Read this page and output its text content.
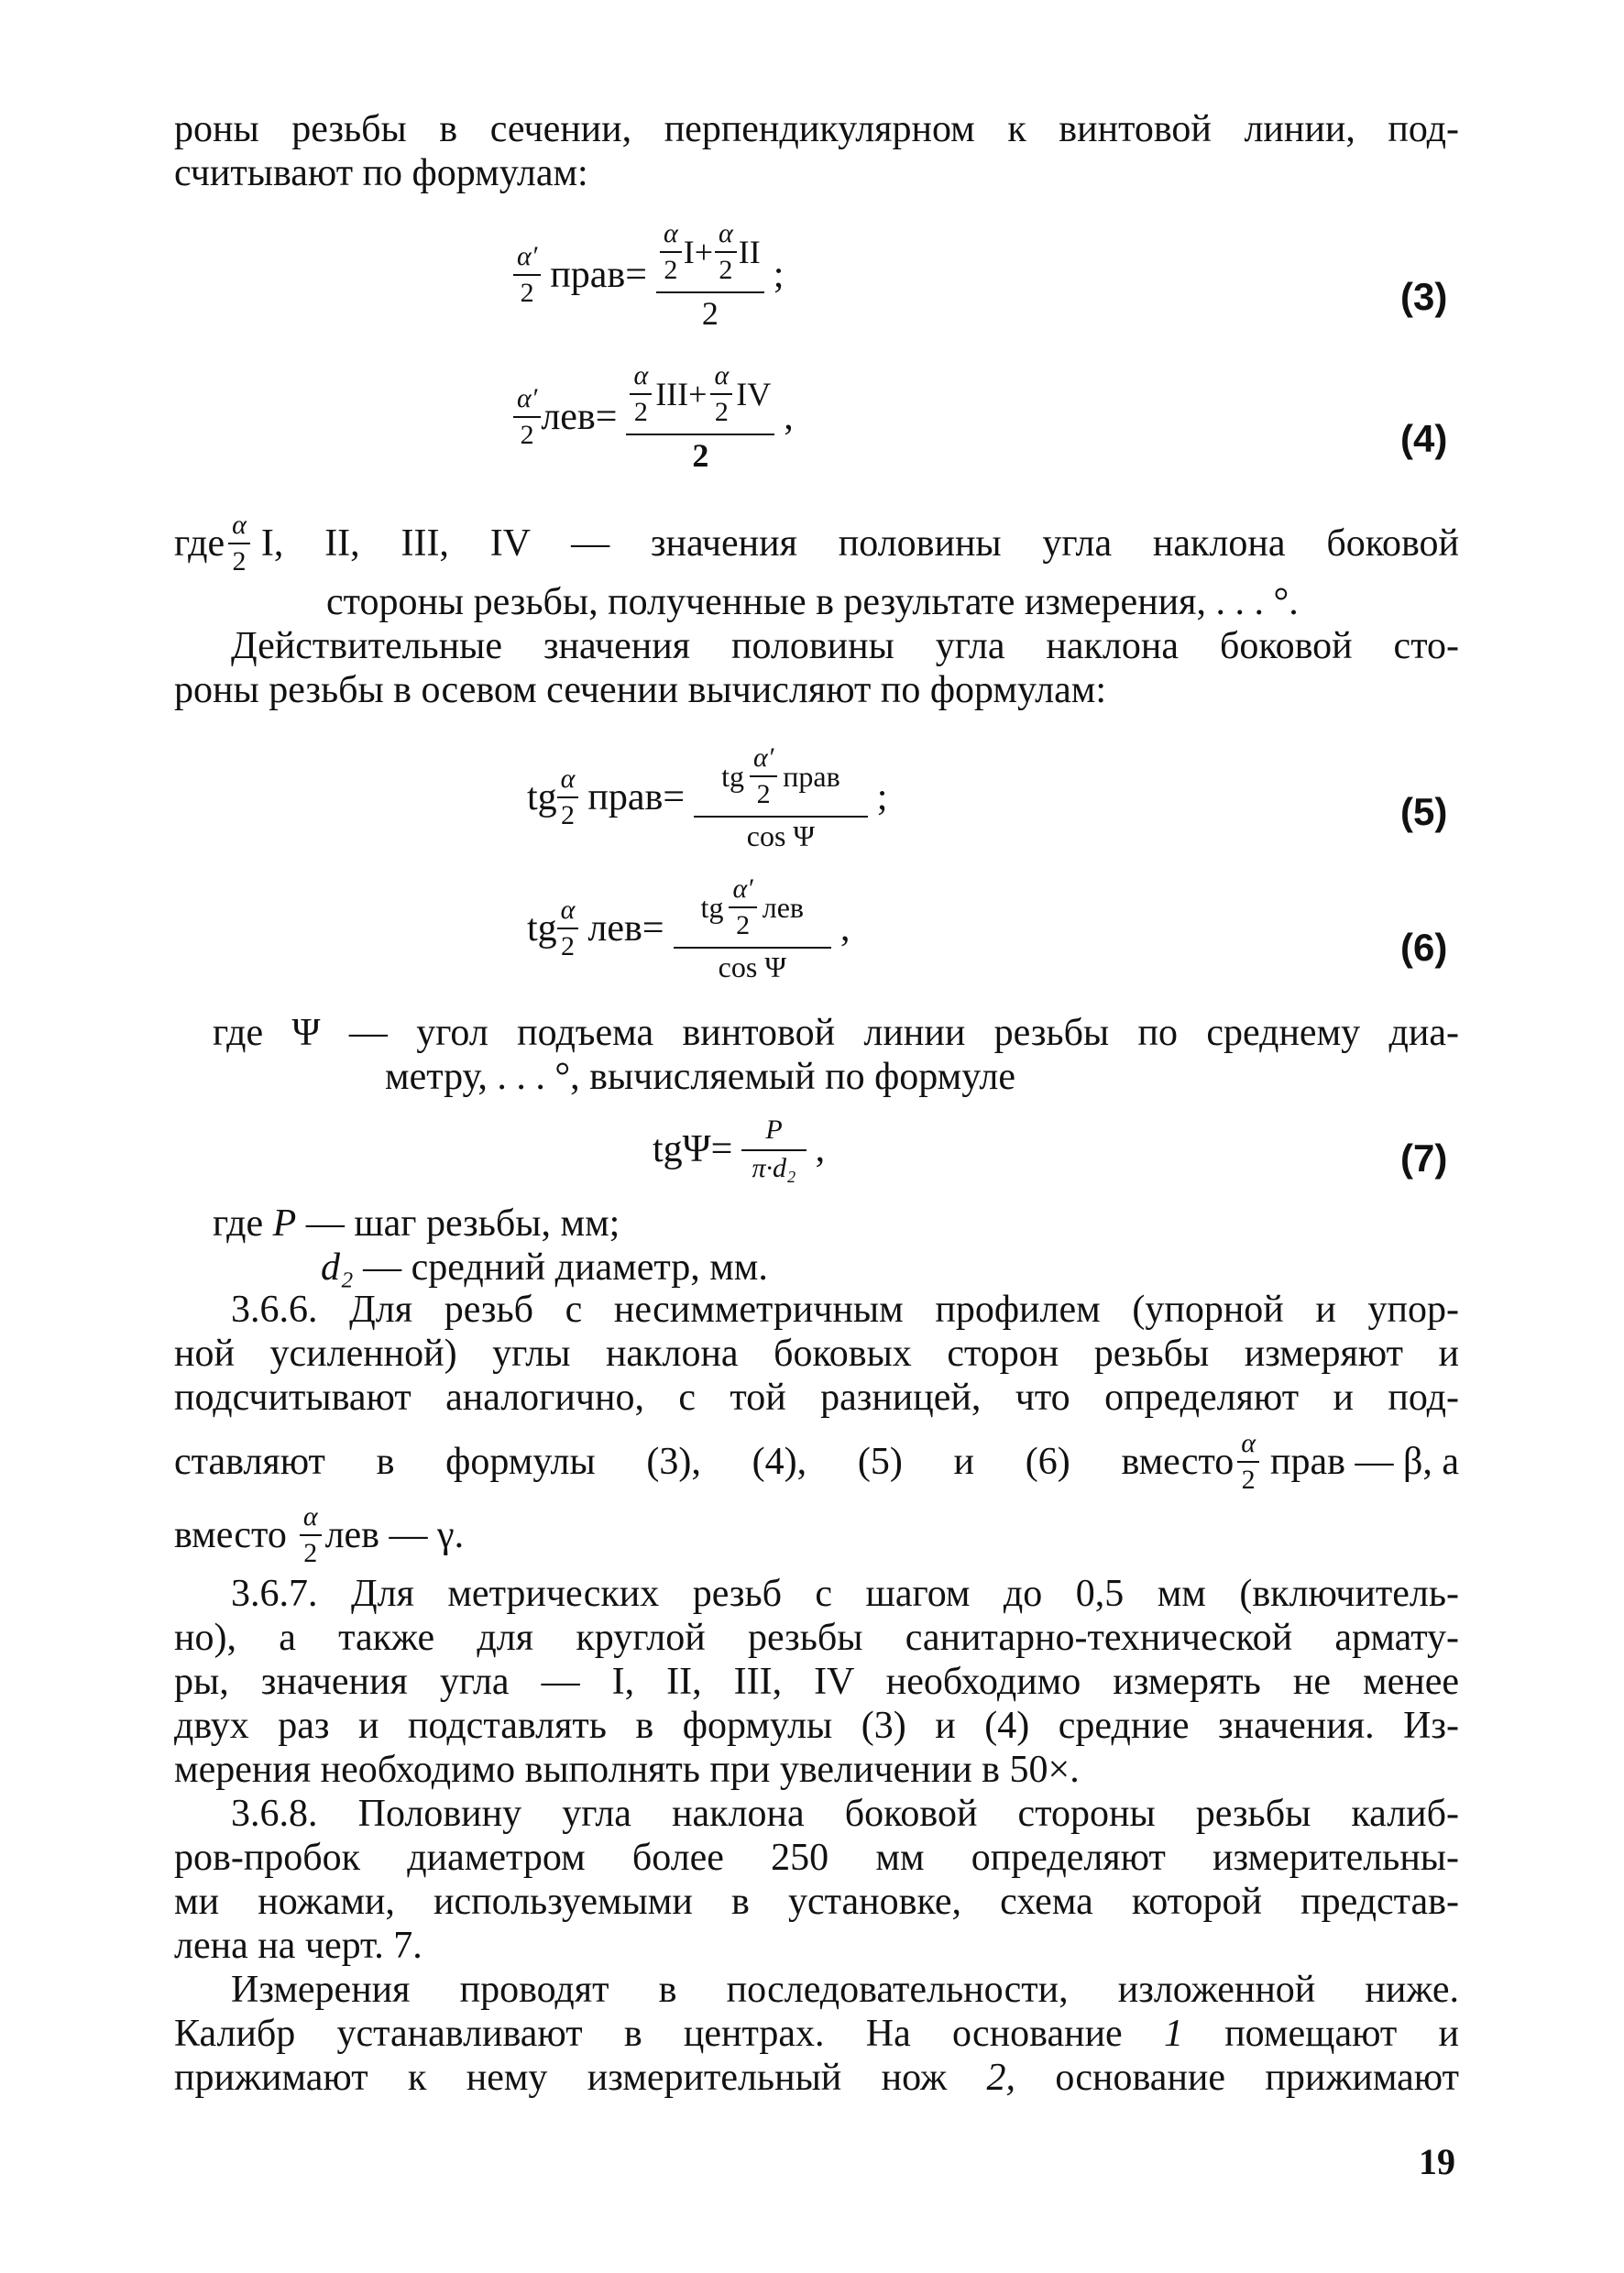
роны резьбы в сечении, перпендикулярном к винтовой линии, под-
считывают по формулам:
$\frac{\alpha'}{2}$ прав = $\frac{\frac{\alpha}{2} I+ \frac{\alpha}{2} II}{2}$ ;	(3)
$\frac{\alpha'}{2}$ лев = $\frac{\frac{\alpha}{2} III+ \frac{\alpha}{2} IV}{2}$ ,	(4)
где $\frac{\alpha}{2} I$, II, III, IV — значения половины угла наклона боковой
стороны резьбы, полученные в результате измерения, . . . °.
Действительные значения половины угла наклона боковой сто-
роны резьбы в осевом сечении вычисляют по формулам:
tg $\frac{\alpha}{2}$ прав = $\frac{tg \frac{\alpha'}{2} прав}{\text{cos Ψ}}$ ;	(5)
tg $\frac{\alpha}{2}$ лев = $\frac{tg \frac{\alpha'}{2} лев}{\text{cos Ψ}}$ ,	(6)
где Ψ — угол подъема винтовой линии резьбы по среднему диа-
метру, . . . °, вычисляемый по формуле
$tg\Psi= \frac{P}{\text{π·d₂}}$ ,	(7)
где P — шаг резьбы, мм;
d₂ — средний диаметр, мм.
3.6.6. Для резьб с несимметричным профилем (упорной и упор-
ной усиленной) углы наклона боковых сторон резьбы измеряют и
подсчитывают аналогично, с той разницей, что определяют и под-
ставляют в формулы (3), (4), (5) и (6) вместо $\frac{\alpha}{2}$ прав — β, а
вместо $\frac{\alpha}{2}$ лев — γ.
3.6.7. Для метрических резьб с шагом до 0,5 мм (включитель-
но), а также для круглой резьбы санитарно-технической армату-
ры, значения угла — I, II, III, IV необходимо измерять не менее
двух раз и подставлять в формулы (3) и (4) средние значения. Из-
мерения необходимо выполнять при увеличении в 50×.
3.6.8. Половину угла наклона боковой стороны резьбы калиб-
ров-пробок диаметром более 250 мм определяют измерительны-
ми ножами, используемыми в установке, схема которой представ-
лена на черт. 7.
Измерения проводят в последовательности, изложенной ниже.
Калибр устанавливают в центрах. На основание 1 помещают и
прижимают к нему измерительный нож 2, основание прижимают
19
